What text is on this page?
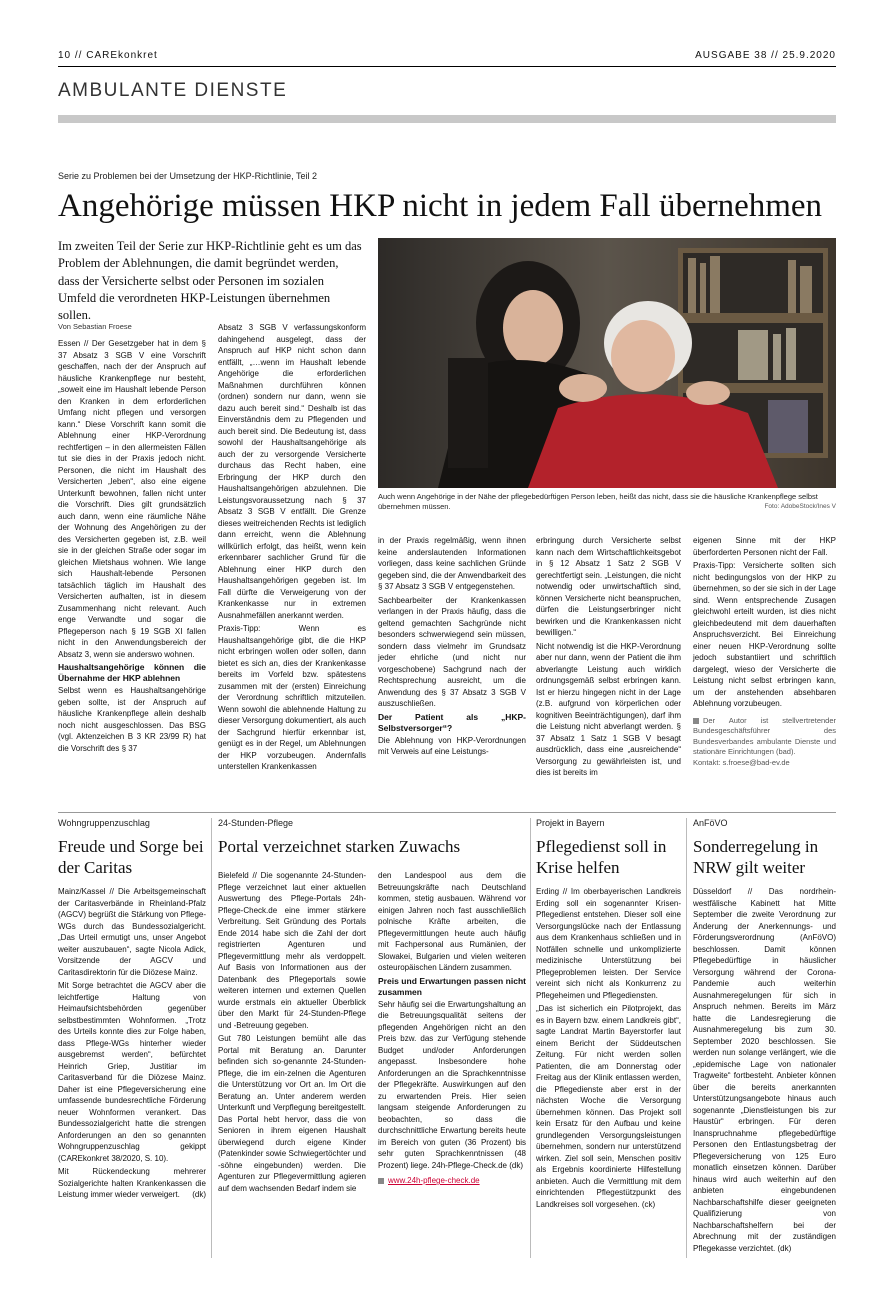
10 // CAREkonkret	AUSGABE 38 // 25.9.2020
AMBULANTE DIENSTE
Serie zu Problemen bei der Umsetzung der HKP-Richtlinie, Teil 2
Angehörige müssen HKP nicht in jedem Fall übernehmen
Im zweiten Teil der Serie zur HKP-Richtlinie geht es um das Problem der Ablehnungen, die damit begründet werden, dass der Versicherte selbst oder Personen im sozialen Umfeld die verordneten HKP-Leistungen übernehmen sollen.
Auch wenn Angehörige in der Nähe der pflegebedürftigen Person leben, heißt das nicht, dass sie die häusliche Krankenpflege selbst übernehmen müssen.	Foto: AdobeStock/Ines V
Von Sebastian Froese

Essen // Der Gesetzgeber hat in dem § 37 Absatz 3 SGB V eine Vorschrift geschaffen, nach der der Anspruch auf häusliche Krankenpflege nur besteht, „soweit eine im Haushalt lebende Person den Kranken in dem erforderlichen Umfang nicht pflegen und versorgen kann.“ Diese Vorschrift kann somit die Ablehnung einer HKP-Verordnung rechtfertigen – in den allermeisten Fällen tut sie dies in der Praxis jedoch nicht. Personen, die nicht im Haushalt des Versicherten „leben“, also eine eigene Unterkunft bewohnen, fallen nicht unter die Vorschrift. Dies gilt grundsätzlich auch dann, wenn eine räumliche Nähe der Wohnung des Angehörigen zu der des Versicherten gegeben ist, z.B. weil sie in der gleichen Straße oder sogar im gleichen Mietshaus wohnen. Wie lange sich Haushalt-lebende Personen tatsächlich täglich im Haushalt des Versicherten aufhalten, ist in diesem Zusammenhang nicht relevant. Auch enge Verwandte und sogar die Pflegeperson nach § 19 SGB XI fallen nicht in den Anwendungsbereich der Absatz 3, wenn sie anderswo wohnen.

Haushaltsangehörige können die Übernahme der HKP ablehnen

Selbst wenn es Haushaltsangehörige geben sollte, ist der Anspruch auf häusliche Krankenpflege allein deshalb noch nicht ausgeschlossen. Das BSG (vgl. Aktenzeichen B 3 KR 23/99 R) hat die Vorschrift des § 37

Absatz 3 SGB V verfassungskonform dahingehend ausgelegt, dass der Anspruch auf HKP nicht schon dann entfällt, „…wenn im Haushalt lebende Angehörige die erforderlichen Maßnahmen durchführen können (ordnen) sondern nur dann, wenn sie dazu auch bereit sind.“ Deshalb ist das Einverständnis dem zu Pflegenden und auch bereit sind. Die Bedeutung ist, dass sowohl der Haushaltsangehörige als auch der zu versorgende Versicherte durchaus das Recht haben, eine Erbringung der HKP durch den Haushaltsangehörigen abzulehnen. Die Leistungsvoraussetzung nach § 37 Absatz 3 SGB V entfällt. Die Grenze dieses weitreichenden Rechts ist lediglich dann erreicht, wenn die Ablehnung willkürlich erfolgt, das heißt, wenn kein erkennbarer sachlicher Grund für die Ablehnung einer HKP durch den Haushaltsangehörigen gegeben ist. Im Fall dürfte die Verweigerung von der Krankenkasse nur in extremen Ausnahmefällen anerkannt werden.

Praxis-Tipp: Wenn es Haushaltsangehörige gibt, die die HKP nicht erbringen wollen oder sollen, dann bietet es sich an, dies der Krankenkasse bereits im Vorfeld bzw. spätestens zusammen mit der (ersten) Einreichung der Verordnung schriftlich mitzuteilen. Wenn sowohl die ablehnende Haltung zu dieser Versorgung dokumentiert, als auch der Sachgrund hierfür erkennbar ist, genügt es in der Regel, um Ablehnungen der HKP vorzubeugen. Andernfalls unterstellen Krankenkassen

in der Praxis regelmäßig, wenn ihnen keine anderslautenden Informationen vorliegen, dass keine sachlichen Gründe gegeben sind, die der Anwendbarkeit des § 37 Absatz 3 SGB V entgegenstehen.

Sachbearbeiter der Krankenkassen verlangen in der Praxis häufig, dass die geltend gemachten Sachgründe nicht besonders schwerwiegend sein müssen, sondern dass vielmehr im Grundsatz jeder ehrliche (und nicht nur vorgeschobene) Sachgrund nach der Rechtsprechung ausreicht, um die Anwendung des § 37 Absatz 3 SGB V auszuschließen.

Der Patient als „HKP-Selbstversorger“?

Die Ablehnung von HKP-Verordnungen mit Verweis auf eine Leistungs-

erbringung durch Versicherte selbst kann nach dem Wirtschaftlichkeitsgebot in § 12 Absatz 1 Satz 2 SGB V gerechtfertigt sein. „Leistungen, die nicht notwendig oder unwirtschaftlich sind, können Versicherte nicht beanspruchen, dürfen die Leistungserbringer nicht bewirken und die Krankenkassen nicht bewilligen.“

Nicht notwendig ist die HKP-Verordnung aber nur dann, wenn der Patient die ihm abverlangte Leistung auch wirklich ordnungsgemäß selbst erbringen kann. Ist er hierzu hingegen nicht in der Lage (z.B. aufgrund von körperlichen oder kognitiven Beeinträchtigungen), darf ihm die Leistung nicht abverlangt werden. § 37 Absatz 1 Satz 1 SGB V besagt ausdrücklich, dass eine „ausreichende“ Versorgung zu gewährleisten ist, und dies ist bereits im

eigenen Sinne mit der HKP überforderten Personen nicht der Fall.

Praxis-Tipp: Versicherte sollten sich nicht bedingungslos von der HKP zu übernehmen, so der sie sich in der Lage sind. Wenn entsprechende Zusagen gleichwohl erteilt wurden, ist dies nicht gleichbedeutend mit dem dauerhaften Anspruchsverzicht. Bei Einreichung einer neuen HKP-Verordnung sollte jedoch substantiiert und schriftlich dargelegt, wieso der Versicherte die Leistung nicht selbst erbringen kann, um der anstehenden absehbaren Ablehnung vorzubeugen.

Der Autor ist stellvertretender Bundesgeschäftsführer des Bundesverbandes ambulante Dienste und stationäre Einrichtungen (bad).
Kontakt: s.froese@bad-ev.de
Wohngruppenzuschlag
Freude und Sorge bei der Caritas

Mainz/Kassel // Die Arbeitsgemeinschaft der Caritasverbände in Rheinland-Pfalz (AGCV) begrüßt die Stärkung von Pflege-WGs durch das Bundessozialgericht. „Das Urteil ermutigt uns, unser Angebot weiter auszubauen“, sagte Nicola Adick, Vorsitzende der AGCV und Caritasdirektorin für die Diözese Mainz.

Mit Sorge betrachtet die AGCV aber die leichtfertige Haltung von Heimaufsichtsbehörden gegenüber selbstbestimmten Wohnformen. „Trotz des Urteils konnte dies zur Folge haben, dass Pflege-WGs hinterher wieder ausgebremst werden“, befürchtet Heinrich Griep, Justitiar im Caritasverband für die Diözese Mainz. Daher ist eine Pflegeversicherung eine umfassende bundesrechtliche Förderung neuer Wohnformen verankert. Das Bundessozialgericht hatte die strengen Anforderungen an den so genannten Wohngruppenzuschlag gekippt (CAREkonkret 38/2020, S. 10).

Mit Rückendeckung mehrerer Sozialgerichte halten Krankenkassen die Leistung immer wieder verweigert. (dk)

24-Stunden-Pflege
Portal verzeichnet starken Zuwachs

Bielefeld // Die sogenannte 24-Stunden-Pflege verzeichnet laut einer aktuellen Auswertung des Pflege-Portals 24h-Pflege-Check.de eine immer stärkere Verbreitung. Seit Gründung des Portals Ende 2014 habe sich die Zahl der dort registrierten Agenturen und Pflegevermittlung mehr als verdoppelt. Auf Basis von Informationen aus der Datenbank des Pflegeportals sowie weiteren internen und externen Quellen wurde erstmals ein aktueller Überblick über den Markt für 24-Stunden-Pflege und -Betreuung gegeben.

Gut 780 Leistungen bemüht alle das Portal mit Beratung an. Darunter befinden sich so-genannte 24-Stunden-Pflege, die im ein-zelnen die Agenturen die Unterstützung vor Ort an. Im Ort die Beratung an. Unter anderem werden Unterkunft und Verpflegung bereitgestellt. Das Portal hebt hervor, dass die von Senioren in ihrem eigenen Haushalt überwiegend durch eigene Kinder (Patenkinder sowie Schwiegertöchter und -söhne eingebunden) werden. Die Agenturen zur Pflegevermittlung agieren auf dem wachsenden Bedarf indem sie

den Landespool aus dem die Betreuungskräfte nach Deutschland kommen, stetig ausbauen. Während vor einigen Jahren noch fast ausschließlich polnische Kräfte arbeiten, die Pflegevermittlungen heute auch häufig mit Fachpersonal aus Rumänien, der Slowakei, Bulgarien und vielen weiteren osteuropäischen Ländern zusammen.

Preis und Erwartungen passen nicht zusammen

Sehr häufig sei die Erwartungshaltung an die Betreuungsqualität seitens der pflegenden Angehörigen nicht an den Preis bzw. das zur Verfügung stehende Budget und/oder Anforderungen angepasst. Insbesondere hohe Anforderungen an die Sprachkenntnisse der Pflegekräfte. Auswirkungen auf den zu erwartenden Preis. Hier seien langsam steigende Anforderungen zu beobachten, so dass die durchschnittliche Erwartung bereits heute im Bereich von guten (36 Prozent) bis sehr guten Sprachkenntnissen (48 Prozent) liege. 24h-Pflege-Check.de (dk)

www.24h-pflege-check.de
Projekt in Bayern
Pflegedienst soll in Krise helfen

Erding // Im oberbayerischen Landkreis Erding soll ein sogenannter Krisen-Pflegedienst entstehen. Dieser soll eine Versorgungslücke nach der Entlassung aus dem Krankenhaus schließen und in Notfällen schnelle und unkomplizierte medizinische Unterstützung bei Pflegeproblemen leisten. Der Service vereint sich nicht als Konkurrenz zu Pflegeheimen und Pflegediensten.

„Das ist sicherlich ein Pilotprojekt, das es in Bayern bzw. einem Landkreis gibt“, sagte Landrat Martin Bayerstorfer laut einem Bericht der Süddeutschen Zeitung. Für nicht werden sollen Patienten, die am Donnerstag oder Freitag aus der Klinik entlassen werden, die Pflegedienste aber erst in der nächsten Woche die Versorgung übernehmen können. Das Projekt soll kein Ersatz für den Aufbau und keine grundlegenden Versorgungsleistungen übernehmen, sondern nur unterstützend wirken. Ziel soll sein, Menschen positiv als Ergebnis koordinierte Hilfestellung anbieten. Auch die Vermittlung mit dem einrichtenden Pflegestützpunkt des Landkreises soll vorgesehen. (ck)

AnFöVO
Sonderregelung in NRW gilt weiter

Düsseldorf // Das nordrhein-westfälische Kabinett hat Mitte September die zweite Verordnung zur Änderung der Anerkennungs- und Förderungsverordnung (AnFöVO) beschlossen. Damit können Pflegebedürftige in häuslicher Versorgung während der Corona-Pandemie auch weiterhin Ausnahmeregelungen für sich in Anspruch nehmen. Bereits im März hatte die Landesregierung die Ausnahmeregelung bis zum 30. September 2020 beschlossen. Sie werden nun solange verlängert, wie die „epidemische Lage von nationaler Tragweite“ fortbesteht. Anbieter können über die bereits anerkannten Unterstützungsangebote hinaus auch sogenannte „Dienstleistungen bis zur Haustür“ erbringen. Für deren Inanspruchnahme pflegebedürftige Personen den Entlastungsbetrag der Pflegeversicherung von 125 Euro monatlich einsetzen können. Darüber hinaus wird auch weiterhin auf den anbieten eingebundenen Nachbarschaftshilfe dieser geeigneten Qualifizierung von Nachbarschaftshelfern bei der Abrechnung mit der zuständigen Pflegekasse verzichtet. (dk)
